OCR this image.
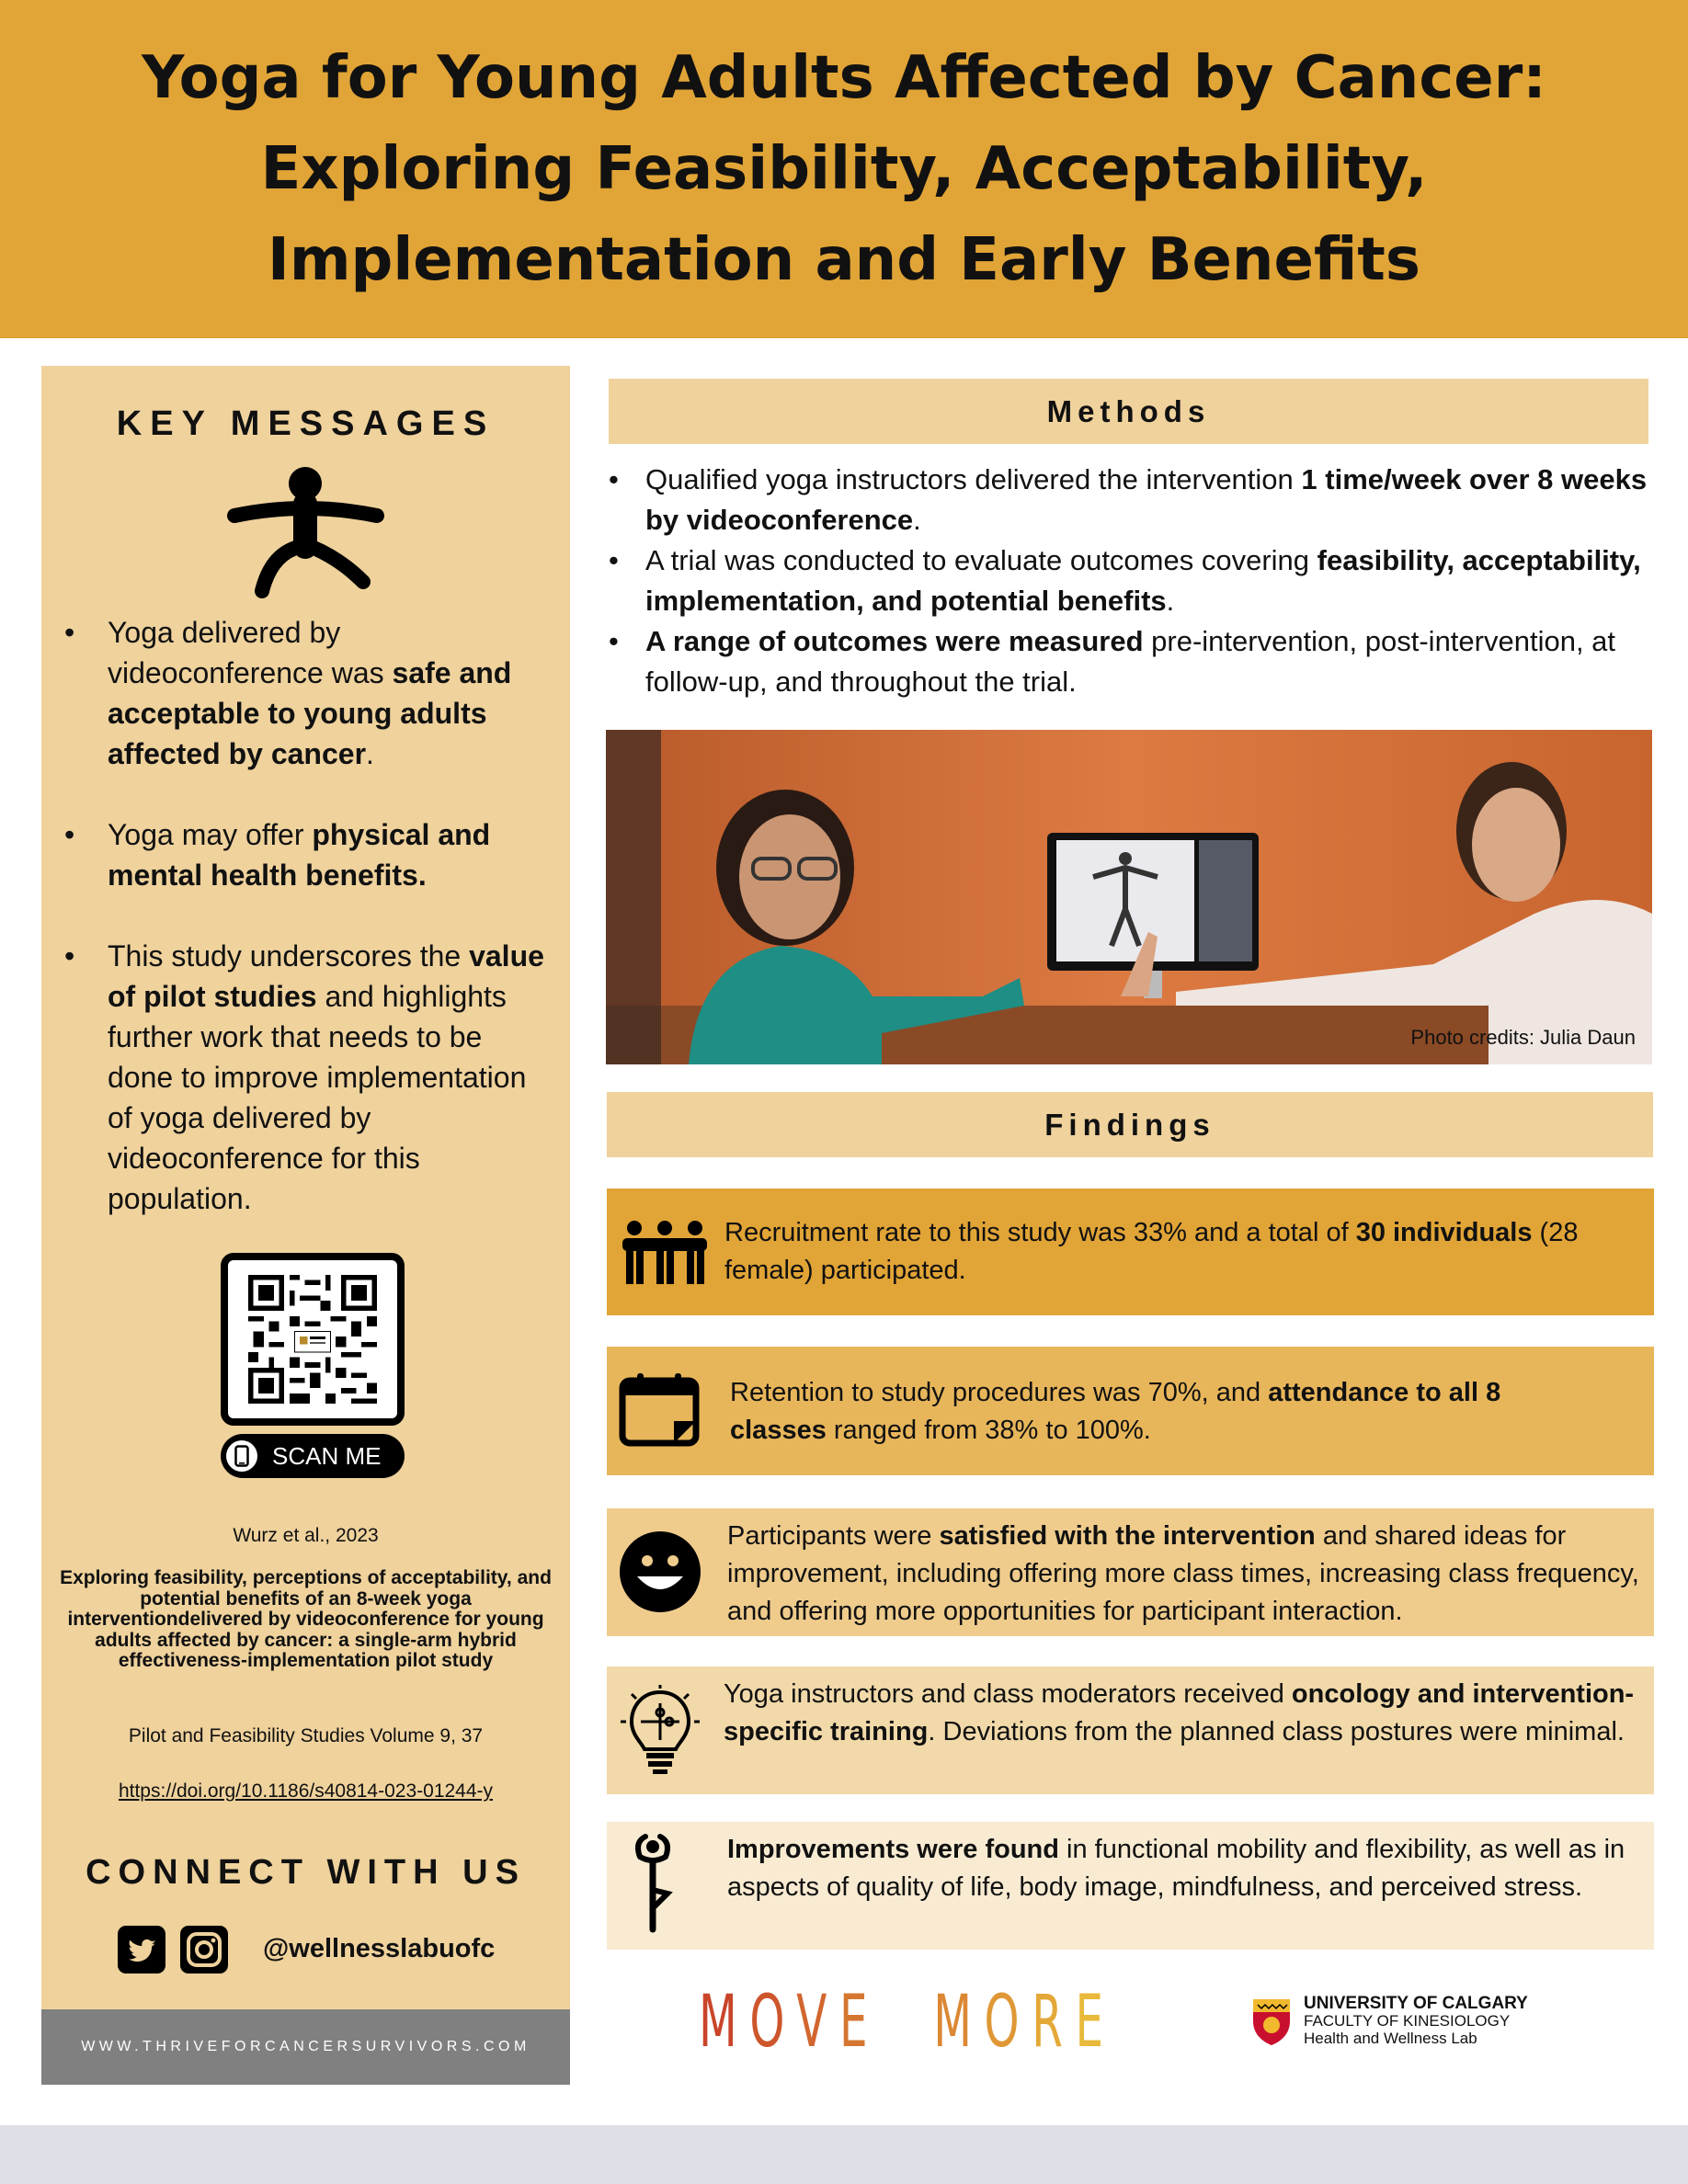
Yoga for Young Adults Affected by Cancer:
Exploring Feasibility, Acceptability,
Implementation and Early Benefits
KEY MESSAGES
• Yoga delivered by videoconference was safe and acceptable to young adults affected by cancer.
• Yoga may offer physical and mental health benefits.
• This study underscores the value of pilot studies and highlights further work that needs to be done to improve implementation of yoga delivered by videoconference for this population.
SCAN ME
Wurz et al., 2023
Exploring feasibility, perceptions of acceptability, and potential benefits of an 8-week yoga interventiondelivered by videoconference for young adults affected by cancer: a single-arm hybrid effectiveness-implementation pilot study
Pilot and Feasibility Studies Volume 9, 37
https://doi.org/10.1186/s40814-023-01244-y
CONNECT WITH US
@wellnesslabuofc
WWW.THRIVEFORCANCERSURVIVORS.COM
Methods
• Qualified yoga instructors delivered the intervention 1 time/week over 8 weeks by videoconference.
• A trial was conducted to evaluate outcomes covering feasibility, acceptability, implementation, and potential benefits.
• A range of outcomes were measured pre-intervention, post-intervention, at follow-up, and throughout the trial.
Photo credits: Julia Daun
Findings
Recruitment rate to this study was 33% and a total of 30 individuals (28 female) participated.
Retention to study procedures was 70%, and attendance to all 8 classes ranged from 38% to 100%.
Participants were satisfied with the intervention and shared ideas for improvement, including offering more class times, increasing class frequency, and offering more opportunities for participant interaction.
Yoga instructors and class moderators received oncology and intervention-specific training. Deviations from the planned class postures were minimal.
Improvements were found in functional mobility and flexibility, as well as in aspects of quality of life, body image, mindfulness, and perceived stress.
MOVE MORE	UNIVERSITY OF CALGARY
FACULTY OF KINESIOLOGY
Health and Wellness Lab
